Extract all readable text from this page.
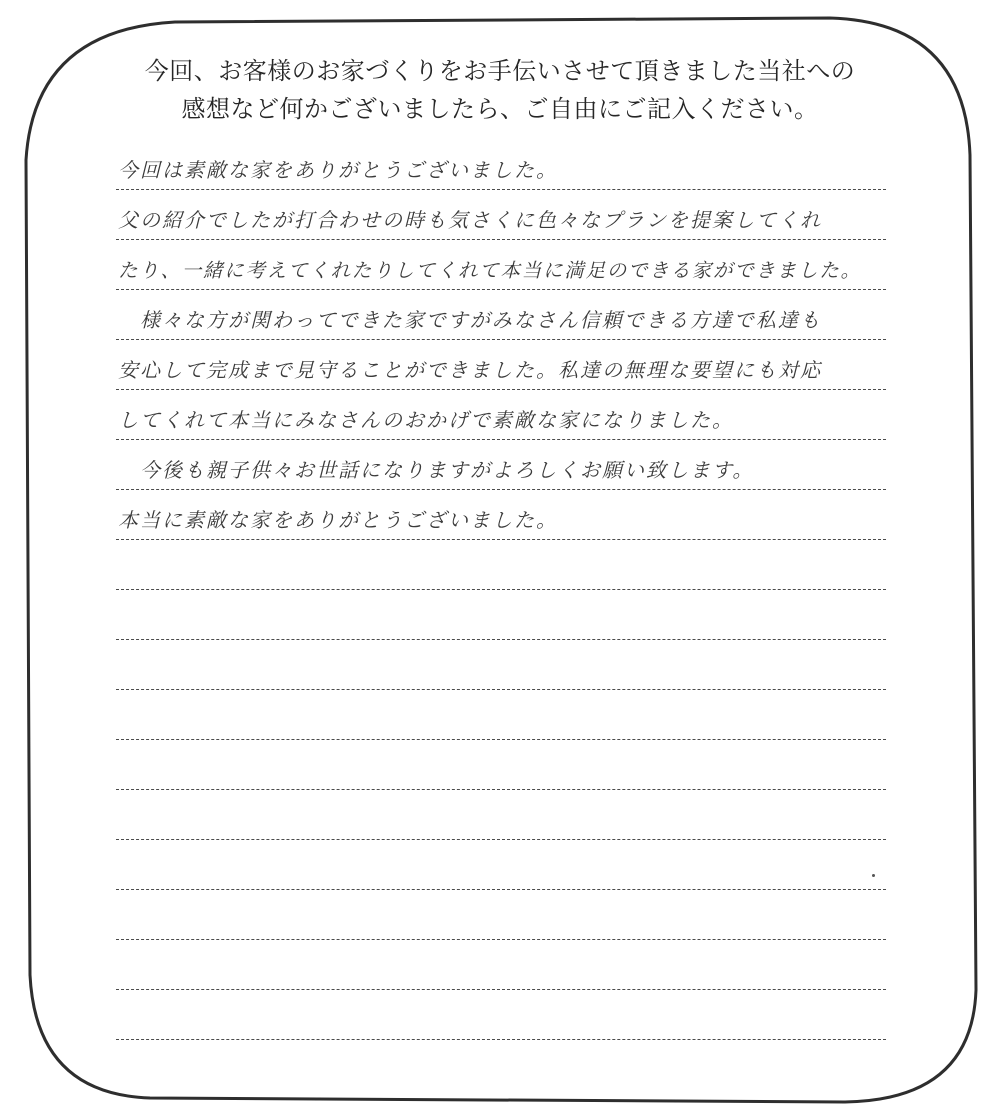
今回、お客様のお家づくりをお手伝いさせて頂きました当社への
感想など何かございましたら、ご自由にご記入ください。
今回は素敵な家をありがとうございました。
父の紹介でしたが打合わせの時も気さくに色々なプランを提案してくれ
たり、一緒に考えてくれたりしてくれて本当に満足のできる家ができました。
様々な方が関わってできた家ですがみなさん信頼できる方達で私達も
安心して完成まで見守ることができました。私達の無理な要望にも対応
してくれて本当にみなさんのおかげで素敵な家になりました。
今後も親子供々お世話になりますがよろしくお願い致します。
本当に素敵な家をありがとうございました。
